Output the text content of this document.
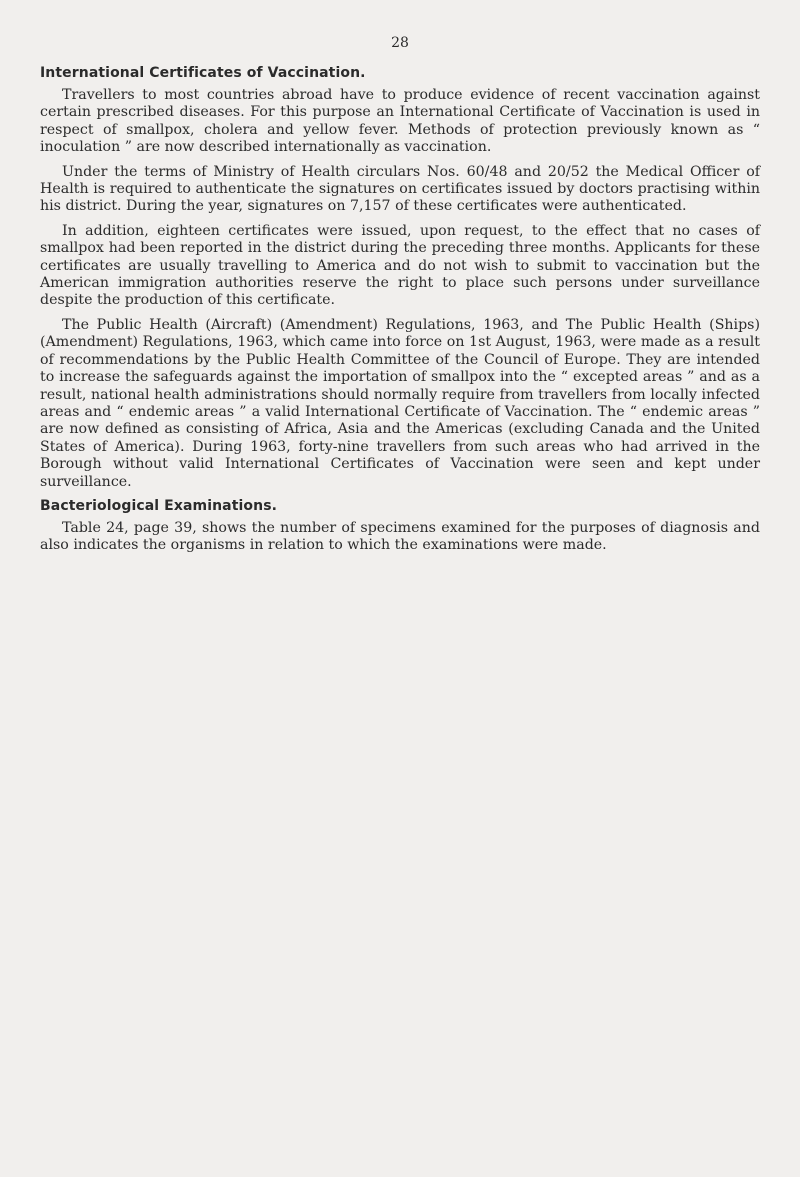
28
International Certificates of Vaccination.

Travellers to most countries abroad have to produce evidence of recent vaccination against certain prescribed diseases. For this purpose an International Certificate of Vaccination is used in respect of smallpox, cholera and yellow fever. Methods of protection previously known as “ inoculation ” are now described internationally as vaccination.

Under the terms of Ministry of Health circulars Nos. 60/48 and 20/52 the Medical Officer of Health is required to authenticate the signatures on certificates issued by doctors practising within his district. During the year, signatures on 7,157 of these certificates were authenticated.

In addition, eighteen certificates were issued, upon request, to the effect that no cases of smallpox had been reported in the district during the preceding three months. Applicants for these certificates are usually travelling to America and do not wish to submit to vaccination but the American immigration authorities reserve the right to place such persons under surveillance despite the production of this certificate.

The Public Health (Aircraft) (Amendment) Regulations, 1963, and The Public Health (Ships) (Amendment) Regulations, 1963, which came into force on 1st August, 1963, were made as a result of recommendations by the Public Health Committee of the Council of Europe. They are intended to increase the safeguards against the importation of smallpox into the “ excepted areas ” and as a result, national health administrations should normally require from travellers from locally infected areas and “ endemic areas ” a valid International Certificate of Vaccination. The “ endemic areas ” are now defined as consisting of Africa, Asia and the Americas (excluding Canada and the United States of America). During 1963, forty-nine travellers from such areas who had arrived in the Borough without valid International Certificates of Vaccination were seen and kept under surveillance.

Bacteriological Examinations.

Table 24, page 39, shows the number of specimens examined for the purposes of diagnosis and also indicates the organisms in relation to which the examinations were made.
